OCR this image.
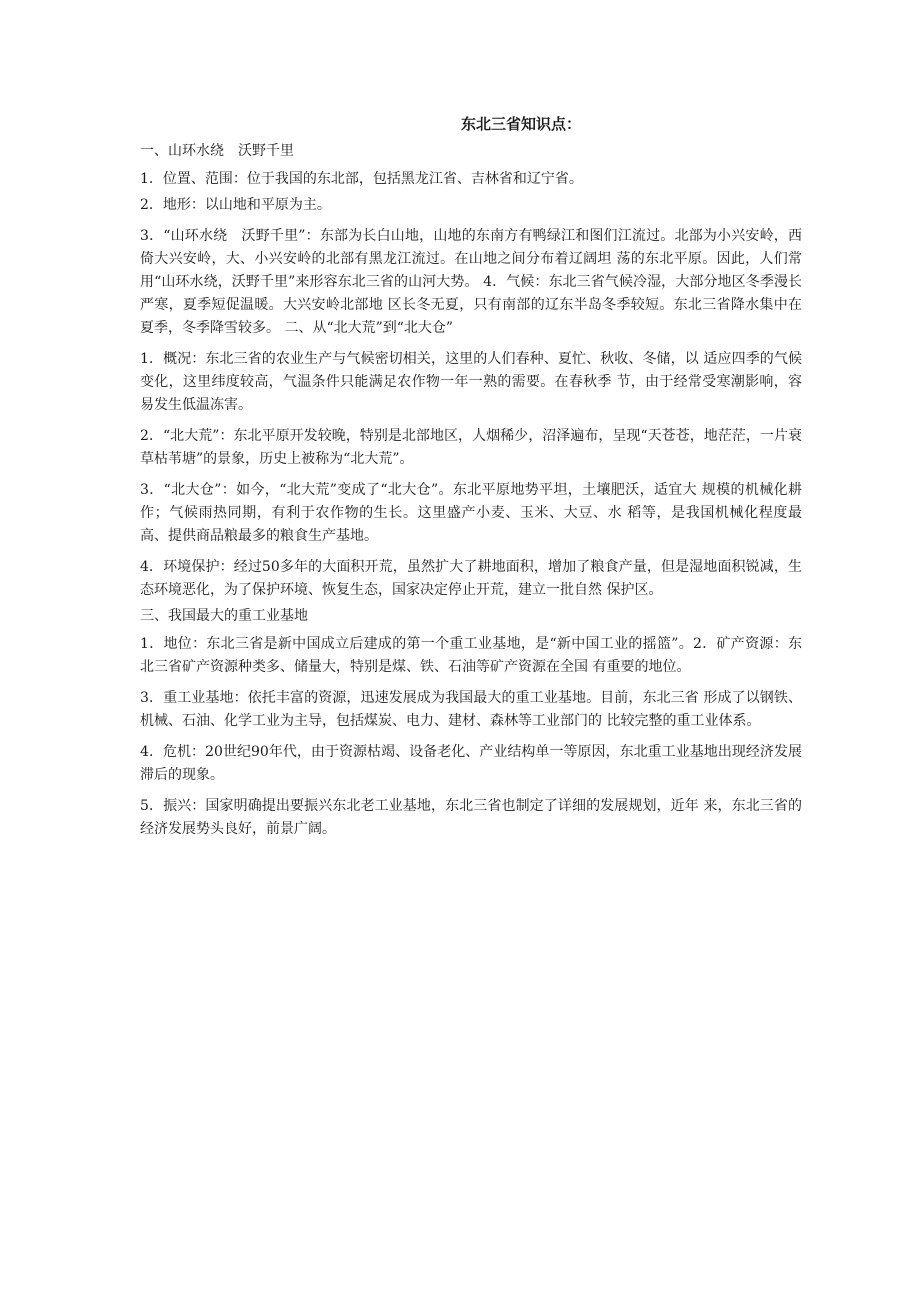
东北三省知识点：
一、山环水绕　沃野千里
1．位置、范围：位于我国的东北部，包括黑龙江省、吉林省和辽宁省。
2．地形：以山地和平原为主。
3．“山环水绕　沃野千里”：东部为长白山地，山地的东南方有鸭绿江和图们江流过。北部为小兴安岭，西倚大兴安岭，大、小兴安岭的北部有黑龙江流过。在山地之间分布着辽阔坦 荡的东北平原。因此，人们常用“山环水绕，沃野千里”来形容东北三省的山河大势。 4．气候：东北三省气候冷湿，大部分地区冬季漫长严寒，夏季短促温暖。大兴安岭北部地 区长冬无夏，只有南部的辽东半岛冬季较短。东北三省降水集中在夏季，冬季降雪较多。 二、从“北大荒”到“北大仓”
1．概况：东北三省的农业生产与气候密切相关，这里的人们春种、夏忙、秋收、冬储，以 适应四季的气候变化，这里纬度较高，气温条件只能满足农作物一年一熟的需要。在春秋季 节，由于经常受寒潮影响，容易发生低温冻害。
2．“北大荒”：东北平原开发较晚，特别是北部地区，人烟稀少，沼泽遍布，呈现“天苍苍，地茫茫，一片衰草枯苇塘”的景象，历史上被称为“北大荒”。
3．“北大仓”：如今，“北大荒”变成了“北大仓”。东北平原地势平坦，土壤肥沃，适宜大 规模的机械化耕作；气候雨热同期，有利于农作物的生长。这里盛产小麦、玉米、大豆、水 稻等，是我国机械化程度最高、提供商品粮最多的粮食生产基地。
4．环境保护：经过50多年的大面积开荒，虽然扩大了耕地面积，增加了粮食产量，但是湿地面积锐减，生态环境恶化，为了保护环境、恢复生态，国家决定停止开荒，建立一批自然 保护区。
三、我国最大的重工业基地
1．地位：东北三省是新中国成立后建成的第一个重工业基地，是“新中国工业的摇篮”。2．矿产资源：东北三省矿产资源种类多、储量大，特别是煤、铁、石油等矿产资源在全国 有重要的地位。
3．重工业基地：依托丰富的资源，迅速发展成为我国最大的重工业基地。目前，东北三省 形成了以钢铁、机械、石油、化学工业为主导，包括煤炭、电力、建材、森林等工业部门的 比较完整的重工业体系。
4．危机：20世纪90年代，由于资源枯竭、设备老化、产业结构单一等原因，东北重工业基地出现经济发展滞后的现象。
5．振兴：国家明确提出要振兴东北老工业基地，东北三省也制定了详细的发展规划，近年 来，东北三省的经济发展势头良好，前景广阔。
